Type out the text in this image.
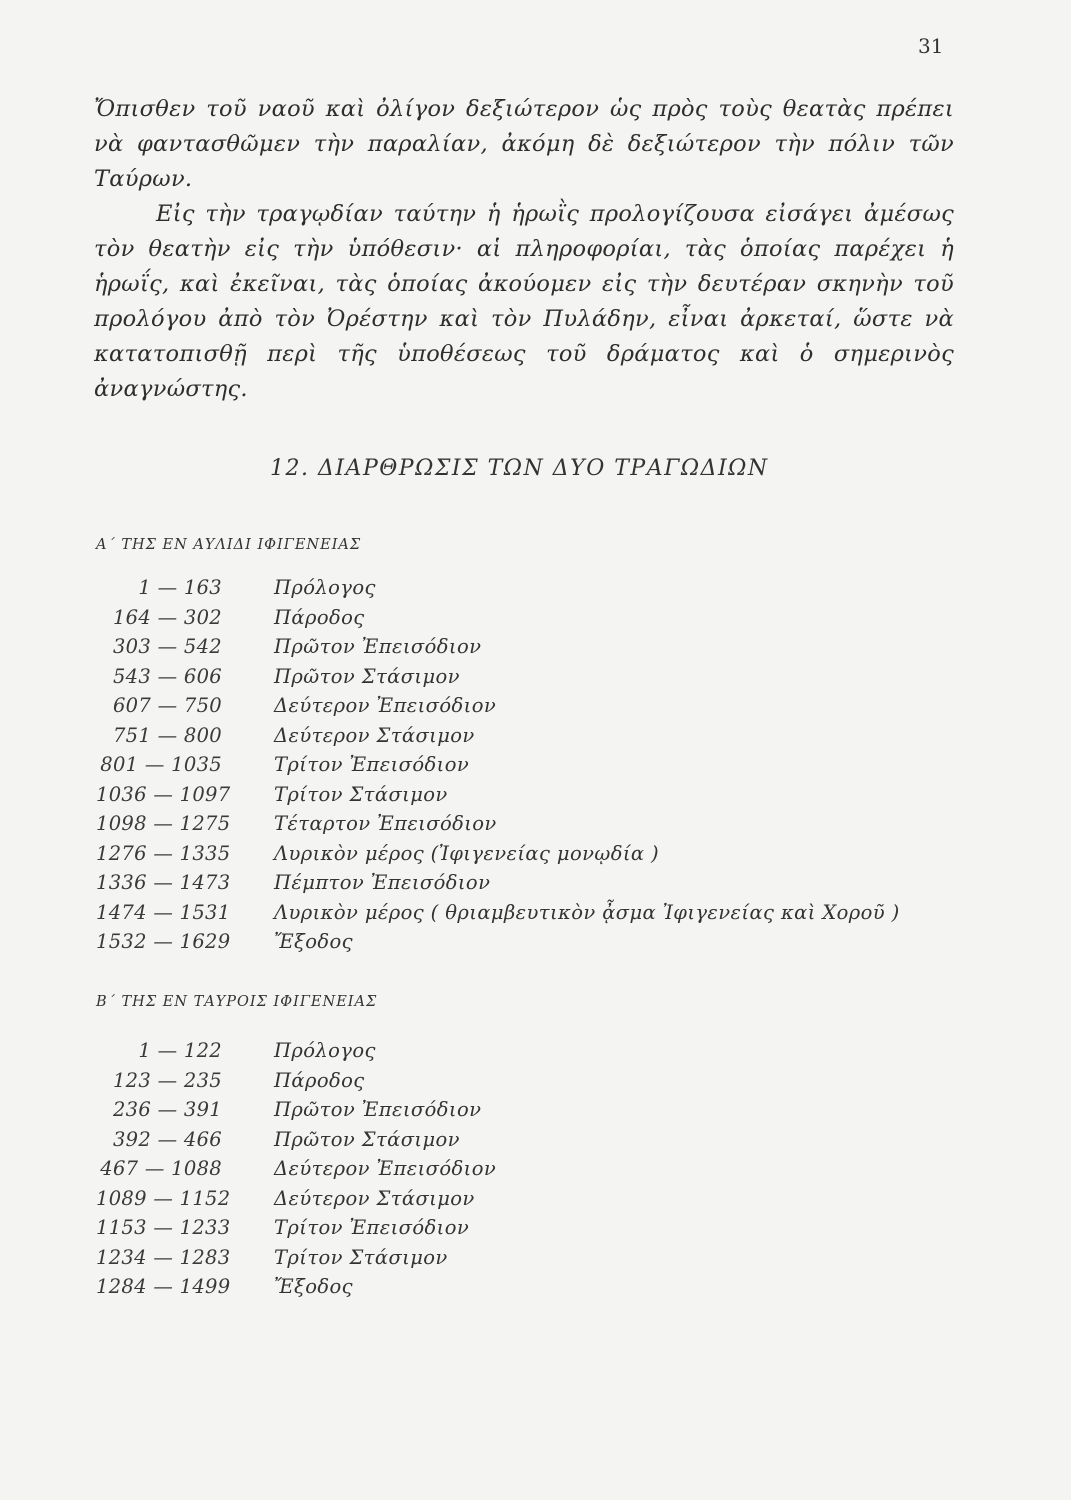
31

Ὄπισθεν τοῦ ναοῦ καὶ ὀλίγον δεξιώτερον ὡς πρὸς τοὺς θεατὰς πρέπει νὰ φαντασθῶμεν τὴν παραλίαν, ἀκόμη δὲ δεξιώτερον τὴν πόλιν τῶν Ταύρων.

Εἰς τὴν τραγῳδίαν ταύτην ἡ ἡρωῒς προλογίζουσα εἰσάγει ἀμέσως τὸν θεατὴν εἰς τὴν ὑπόθεσιν· αἱ πληροφορίαι, τὰς ὁποίας παρέχει ἡ ἡρωΐς, καὶ ἐκεῖναι, τὰς ὁποίας ἀκούομεν εἰς τὴν δευτέραν σκηνὴν τοῦ προλόγου ἀπὸ τὸν Ὀρέστην καὶ τὸν Πυλάδην, εἶναι ἀρκεταί, ὥστε νὰ κατατοπισθῇ περὶ τῆς ὑποθέσεως τοῦ δράματος καὶ ὁ σημερινὸς ἀναγνώστης.

12. ΔΙΑΡΘΡΩΣΙΣ ΤΩΝ ΔΥΟ ΤΡΑΓΩΔΙΩΝ
Α΄ ΤΗΣ ΕΝ ΑΥΛΙΔΙ ΙΦΙΓΕΝΕΙΑΣ
1 — 163	Πρόλογος
164 — 302	Πάροδος
303 — 542	Πρῶτον Ἐπεισόδιον
543 — 606	Πρῶτον Στάσιμον
607 — 750	Δεύτερον Ἐπεισόδιον
751 — 800	Δεύτερον Στάσιμον
801 — 1035	Τρίτον Ἐπεισόδιον
1036 — 1097	Τρίτον Στάσιμον
1098 — 1275	Τέταρτον Ἐπεισόδιον
1276 — 1335	Λυρικὸν μέρος (Ἰφιγενείας μονῳδία )
1336 — 1473	Πέμπτον Ἐπεισόδιον
1474 — 1531	Λυρικὸν μέρος ( θριαμβευτικὸν ᾆσμα Ἰφιγενείας καὶ Χοροῦ )
1532 — 1629	Ἔξοδος
Β΄ ΤΗΣ ΕΝ ΤΑΥΡΟΙΣ ΙΦΙΓΕΝΕΙΑΣ
1 — 122	Πρόλογος
123 — 235	Πάροδος
236 — 391	Πρῶτον Ἐπεισόδιον
392 — 466	Πρῶτον Στάσιμον
467 — 1088	Δεύτερον Ἐπεισόδιον
1089 — 1152	Δεύτερον Στάσιμον
1153 — 1233	Τρίτον Ἐπεισόδιον
1234 — 1283	Τρίτον Στάσιμον
1284 — 1499	Ἔξοδος
